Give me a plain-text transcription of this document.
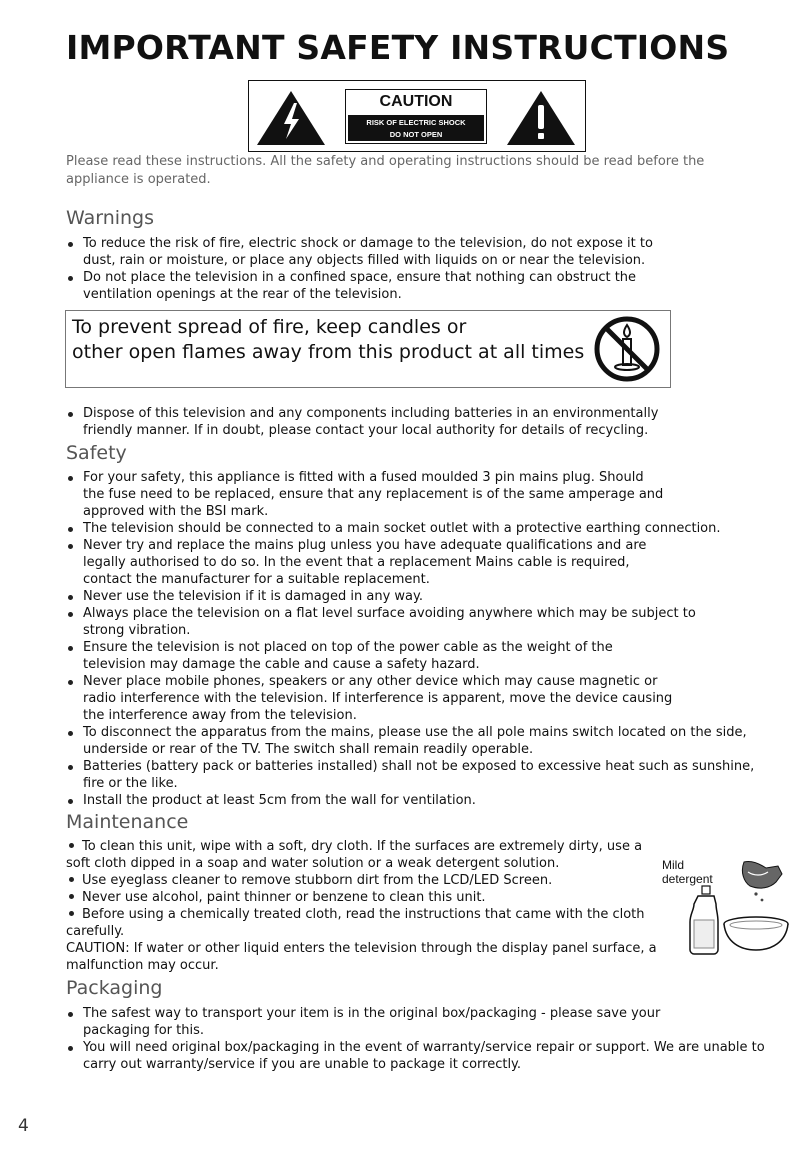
IMPORTANT SAFETY INSTRUCTIONS
CAUTION
RISK OF ELECTRIC SHOCK
DO NOT OPEN

Please read these instructions. All the safety and operating instructions should be read before the appliance is operated.

Warnings
To reduce the risk of fire, electric shock or damage to the television, do not expose it to dust, rain or moisture, or place any objects filled with liquids on or near the television.
Do not place the television in a confined space, ensure that nothing can obstruct the ventilation openings at the rear of the television.
To prevent spread of fire, keep candles or
other open flames away from this product at all times
Dispose of this television and any components including batteries in an environmentally friendly manner. If in doubt, please contact your local authority for details of recycling.
Safety
For your safety, this appliance is fitted with a fused moulded 3 pin mains plug. Should the fuse need to be replaced, ensure that any replacement is of the same amperage and approved with the BSI mark.
The television should be connected to a main socket outlet with a protective earthing connection.
Never try and replace the mains plug unless you have adequate qualifications and are legally authorised to do so. In the event that a replacement Mains cable is required, contact the manufacturer for a suitable replacement.
Never use the television if it is damaged in any way.
Always place the television on a flat level surface avoiding anywhere which may be subject to strong vibration.
Ensure the television is not placed on top of the power cable as the weight of the television may damage the cable and cause a safety hazard.
Never place mobile phones, speakers or any other device which may cause magnetic or radio interference with the television. If interference is apparent, move the device causing the interference away from the television.
To disconnect the apparatus from the mains, please use the all pole mains switch located on the side, underside or rear of the TV. The switch shall remain readily operable.
Batteries (battery pack or batteries installed) shall not be exposed to excessive heat such as sunshine, fire or the like.
Install the product at least 5cm from the wall for ventilation.
Maintenance

To clean this unit, wipe with a soft, dry cloth. If the surfaces are extremely dirty, use a soft cloth dipped in a soap and water solution or a weak detergent solution.

Use eyeglass cleaner to remove stubborn dirt from the LCD/LED Screen.

Never use alcohol, paint thinner or benzene to clean this unit.

Before using a chemically treated cloth, read the instructions that came with the cloth carefully.

CAUTION: If water or other liquid enters the television through the display panel surface, a malfunction may occur.

Mild
detergent
Packaging
The safest way to transport your item is in the original box/packaging - please save your packaging for this.
You will need original box/packaging in the event of warranty/service repair or support. We are unable to carry out warranty/service if you are unable to package it correctly.

4
